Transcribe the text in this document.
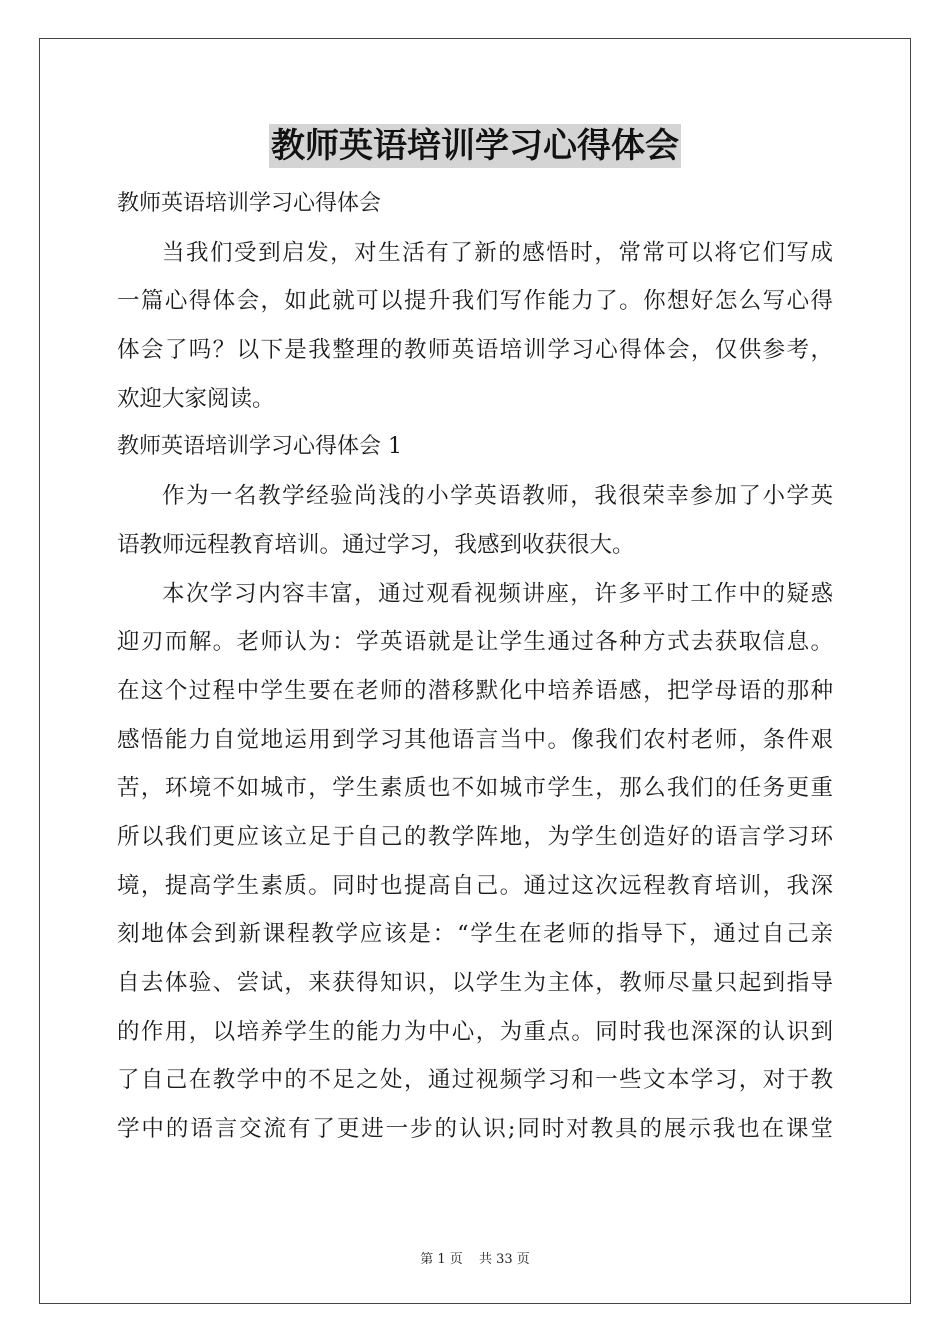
教师英语培训学习心得体会
教师英语培训学习心得体会
当我们受到启发，对生活有了新的感悟时，常常可以将它们写成
一篇心得体会，如此就可以提升我们写作能力了。你想好怎么写心得
体会了吗？以下是我整理的教师英语培训学习心得体会，仅供参考，
欢迎大家阅读。
教师英语培训学习心得体会 1
作为一名教学经验尚浅的小学英语教师，我很荣幸参加了小学英
语教师远程教育培训。通过学习，我感到收获很大。
本次学习内容丰富，通过观看视频讲座，许多平时工作中的疑惑
迎刃而解。老师认为：学英语就是让学生通过各种方式去获取信息。
在这个过程中学生要在老师的潜移默化中培养语感，把学母语的那种
感悟能力自觉地运用到学习其他语言当中。像我们农村老师，条件艰
苦，环境不如城市，学生素质也不如城市学生，那么我们的任务更重
所以我们更应该立足于自己的教学阵地，为学生创造好的语言学习环
境，提高学生素质。同时也提高自己。通过这次远程教育培训，我深
刻地体会到新课程教学应该是：“学生在老师的指导下，通过自己亲
自去体验、尝试，来获得知识，以学生为主体，教师尽量只起到指导
的作用，以培养学生的能力为中心，为重点。同时我也深深的认识到
了自己在教学中的不足之处，通过视频学习和一些文本学习，对于教
学中的语言交流有了更进一步的认识;同时对教具的展示我也在课堂
第 1 页 共 33 页
